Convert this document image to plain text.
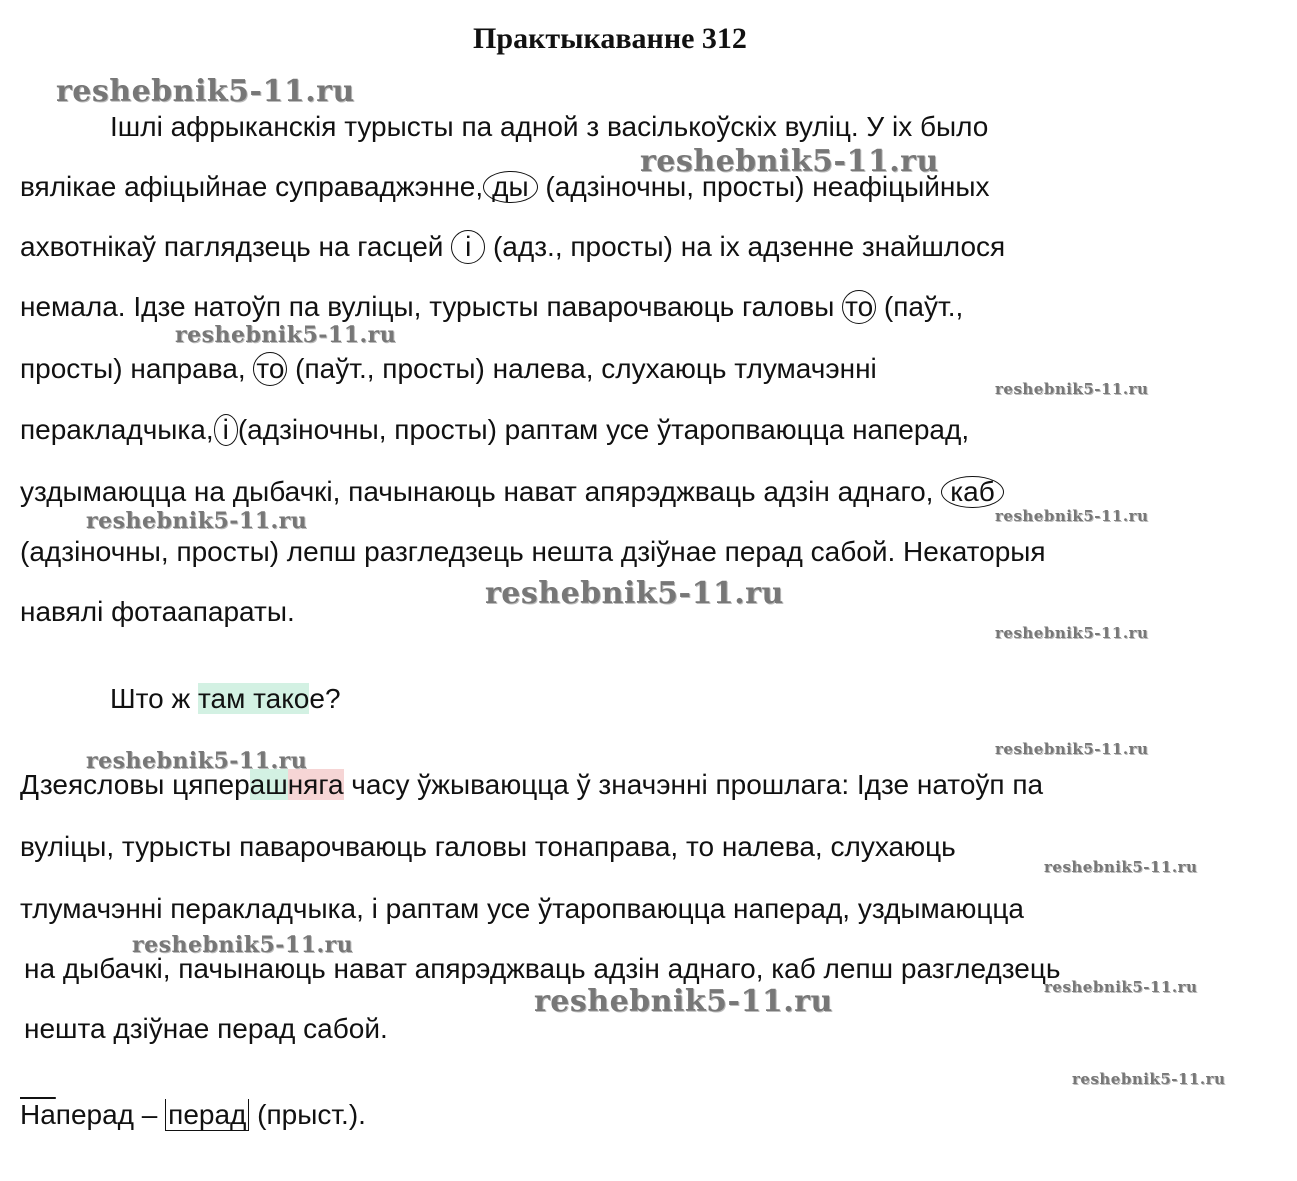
Практыкаванне 312
Ішлі афрыканскія турысты па адной з васількоўскіх вуліц. У іх было
вялікае афіцыйнае суправаджэнне, ды (адзіночны, просты) неафіцыйных
ахвотнікаў паглядзець на гасцей і (адз., просты) на іх адзенне знайшлося
немала. Ідзе натоўп па вуліцы, турысты паварочваюць галовы то (паўт.,
просты) направа, то (паўт., просты) налева, слухаюць тлумачэнні
перакладчыка, і (адзіночны, просты) раптам усе ўтаропваюцца наперад,
уздымаюцца на дыбачкі, пачынаюць нават апярэджваць адзін аднаго, каб
(адзіночны, просты) лепш разгледзець нешта дзіўнае перад сабой. Некаторыя
навялі фотаапараты.
Што ж там такое?
Дзеясловы цяперашняга часу ўжываюцца ў значэнні прошлага: Ідзе натоўп па
вуліцы, турысты паварочваюць галовы тонаправа, то налева, слухаюць
тлумачэнні перакладчыка, і раптам усе ўтаропваюцца наперад, уздымаюцца
на дыбачкі, пачынаюць нават апярэджваць адзін аднаго, каб лепш разгледзець
нешта дзіўнае перад сабой.
Наперад – перад (прыст.).
reshebnik5-11.ru
reshebnik5-11.ru
reshebnik5-11.ru
reshebnik5-11.ru
reshebnik5-11.ru	reshebnik5-11.ru
reshebnik5-11.ru
reshebnik5-11.ru
reshebnik5-11.ru	reshebnik5-11.ru
reshebnik5-11.ru
reshebnik5-11.ru
reshebnik5-11.ru	reshebnik5-11.ru
reshebnik5-11.ru
